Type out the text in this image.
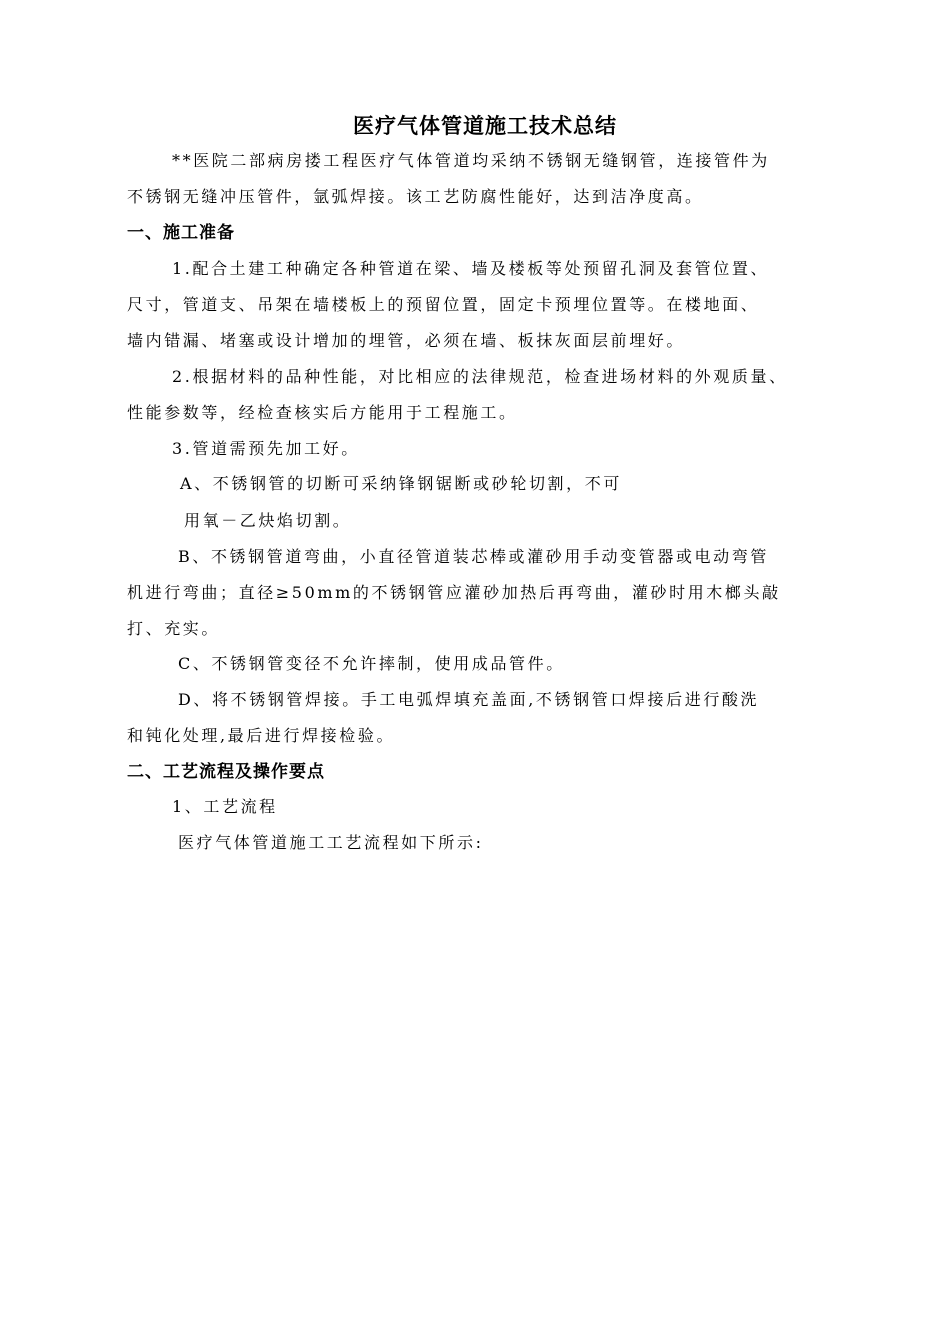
医疗气体管道施工技术总结
**医院二部病房搂工程医疗气体管道均采纳不锈钢无缝钢管，连接管件为
不锈钢无缝冲压管件，氩弧焊接。该工艺防腐性能好，达到洁净度高。
一、施工准备
1.配合土建工种确定各种管道在梁、墙及楼板等处预留孔洞及套管位置、
尺寸，管道支、吊架在墙楼板上的预留位置，固定卡预埋位置等。在楼地面、
墙内错漏、堵塞或设计增加的埋管，必须在墙、板抹灰面层前埋好。
2.根据材料的品种性能，对比相应的法律规范，检查进场材料的外观质量、
性能参数等，经检查核实后方能用于工程施工。
3.管道需预先加工好。
A、不锈钢管的切断可采纳锋钢锯断或砂轮切割，不可
用氧－乙炔焰切割。
B、不锈钢管道弯曲，小直径管道装芯棒或灌砂用手动变管器或电动弯管
机进行弯曲；直径≥50mm的不锈钢管应灌砂加热后再弯曲，灌砂时用木榔头敲
打、充实。
C、不锈钢管变径不允许摔制，使用成品管件。
D、将不锈钢管焊接。手工电弧焊填充盖面,不锈钢管口焊接后进行酸洗
和钝化处理,最后进行焊接检验。
二、工艺流程及操作要点
1、工艺流程
医疗气体管道施工工艺流程如下所示:
